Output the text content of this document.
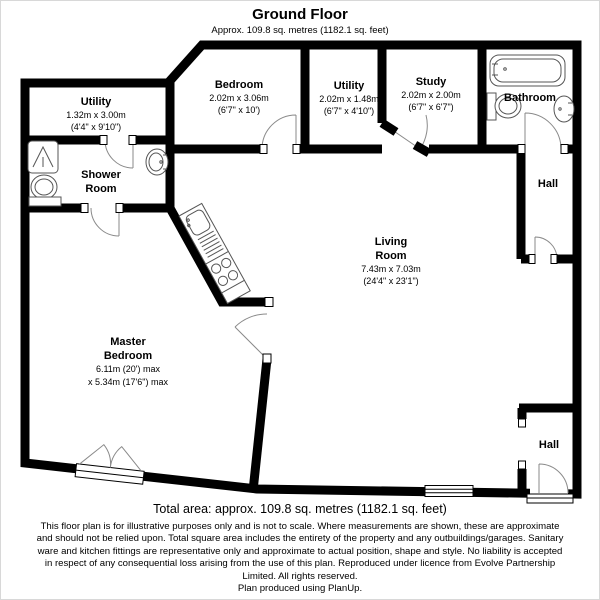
Ground Floor
Approx. 109.8 sq. metres (1182.1 sq. feet)
Utility
1.32m x 3.00m
(4'4" x 9'10")
Shower
Room
Bedroom
2.02m x 3.06m
(6'7" x 10')
Utility
2.02m x 1.48m
(6'7" x 4'10")
Study
2.02m x 2.00m
(6'7" x 6'7")
Bathroom
Hall
Living
Room
7.43m x 7.03m
(24'4" x 23'1")
Master
Bedroom
6.11m (20') max
x 5.34m (17'6") max
Hall
Total area: approx. 109.8 sq. metres (1182.1 sq. feet)
This floor plan is for illustrative purposes only and is not to scale. Where measurements are shown, these are approximate
and should not be relied upon. Total square area includes the entirety of the property and any outbuildings/garages. Sanitary
ware and kitchen fittings are representative only and approximate to actual position, shape and style. No liability is accepted
in respect of any consequential loss arising from the use of this plan. Reproduced under licence from Evolve Partnership
Limited. All rights reserved.
Plan produced using PlanUp.
